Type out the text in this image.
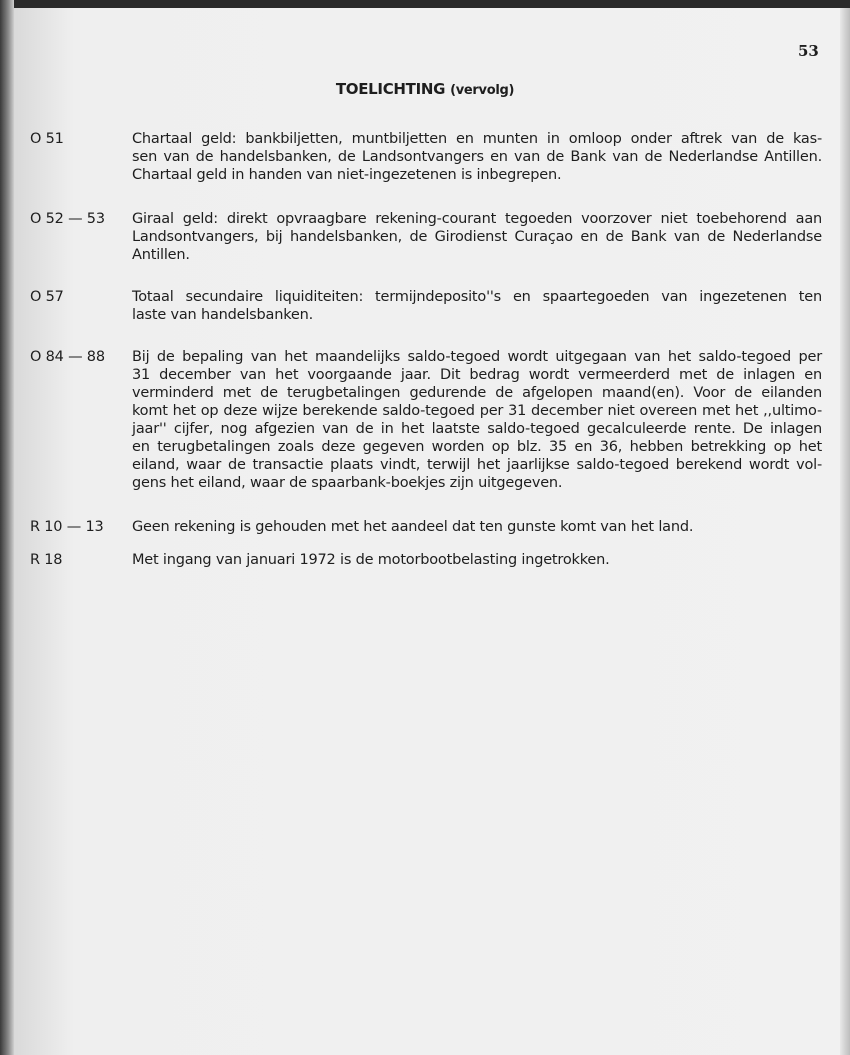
53
TOELICHTING (vervolg)
O 51	Chartaal geld: bankbiljetten, muntbiljetten en munten in omloop onder aftrek van de kas-
sen van de handelsbanken, de Landsontvangers en van de Bank van de Nederlandse Antillen.
Chartaal geld in handen van niet-ingezetenen is inbegrepen.
O 52 — 53 Giraal geld: direkt opvraagbare rekening-courant tegoeden voorzover niet toebehorend aan
Landsontvangers, bij handelsbanken, de Girodienst Curaçao en de Bank van de Nederlandse
Antillen.
O 57	Totaal secundaire liquiditeiten: termijndeposito''s en spaartegoeden van ingezetenen ten
laste van handelsbanken.
O 84 — 88 Bij de bepaling van het maandelijks saldo-tegoed wordt uitgegaan van het saldo-tegoed per
31 december van het voorgaande jaar. Dit bedrag wordt vermeerderd met de inlagen en
verminderd met de terugbetalingen gedurende de afgelopen maand(en). Voor de eilanden
komt het op deze wijze berekende saldo-tegoed per 31 december niet overeen met het ,,ultimo-
jaar'' cijfer, nog afgezien van de in het laatste saldo-tegoed gecalculeerde rente. De inlagen
en terugbetalingen zoals deze gegeven worden op blz. 35 en 36, hebben betrekking op het
eiland, waar de transactie plaats vindt, terwijl het jaarlijkse saldo-tegoed berekend wordt vol-
gens het eiland, waar de spaarbank-boekjes zijn uitgegeven.
R 10 — 13 Geen rekening is gehouden met het aandeel dat ten gunste komt van het land.
R 18	Met ingang van januari 1972 is de motorbootbelasting ingetrokken.
